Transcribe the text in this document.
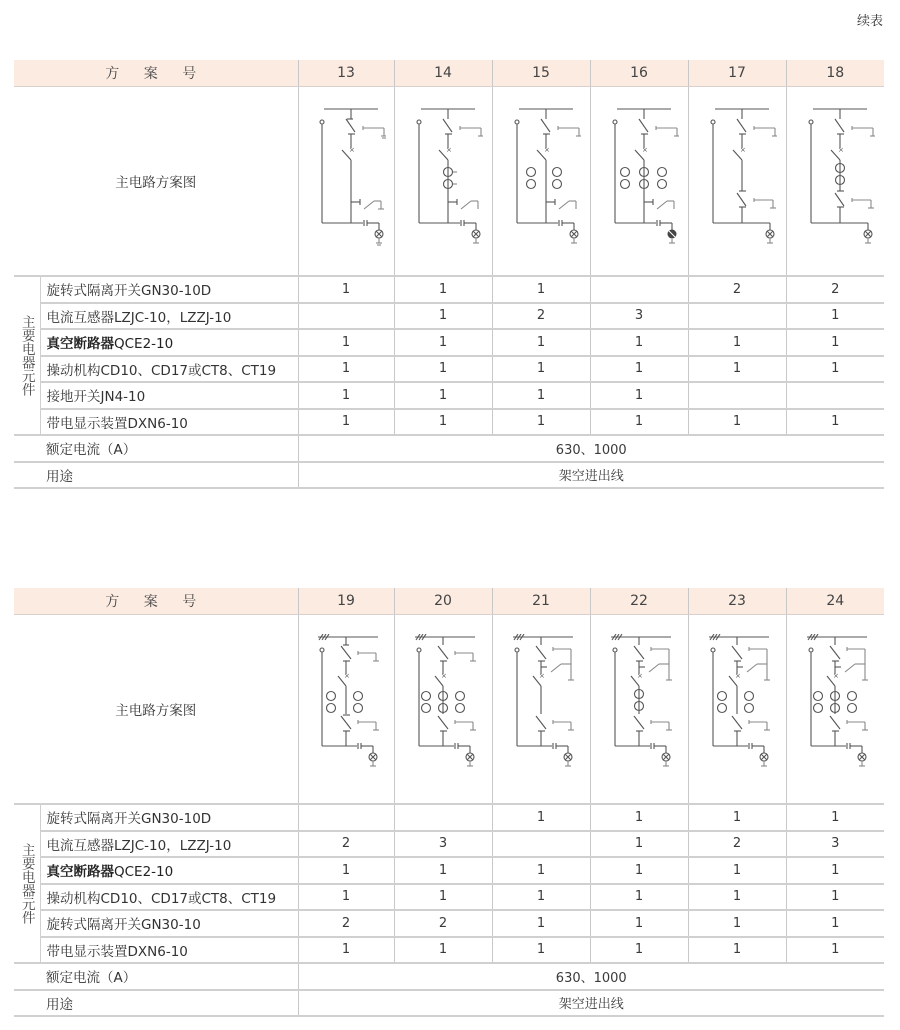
续表
方 案 号		13	14	15	16	17	18
主电路方案图		×	×	×	×	×	×

主要电器元件	旋转式隔离开关GN30-10D	1	1	1		2	2
	电流互感器LZJC-10，LZZJ-10		1	2	3		1
	真空断路器QCE2-10	1	1	1	1	1	1
	操动机构CD10、CD17或CT8、CT19	1	1	1	1	1	1
	接地开关JN4-10	1	1	1	1		
	带电显示装置DXN6-10	1	1	1	1	1	1
额定电流（A）		630、1000					
用途		架空进出线					
方 案 号		19	20	21	22	23	24
主电路方案图		×	×	×	×	×	×

主要电器元件	旋转式隔离开关GN30-10D			1	1	1	1
	电流互感器LZJC-10，LZZJ-10	2	3		1	2	3
	真空断路器QCE2-10	1	1	1	1	1	1
	操动机构CD10、CD17或CT8、CT19	1	1	1	1	1	1
	旋转式隔离开关GN30-10	2	2	1	1	1	1
	带电显示装置DXN6-10	1	1	1	1	1	1
额定电流（A）		630、1000					
用途		架空进出线					
